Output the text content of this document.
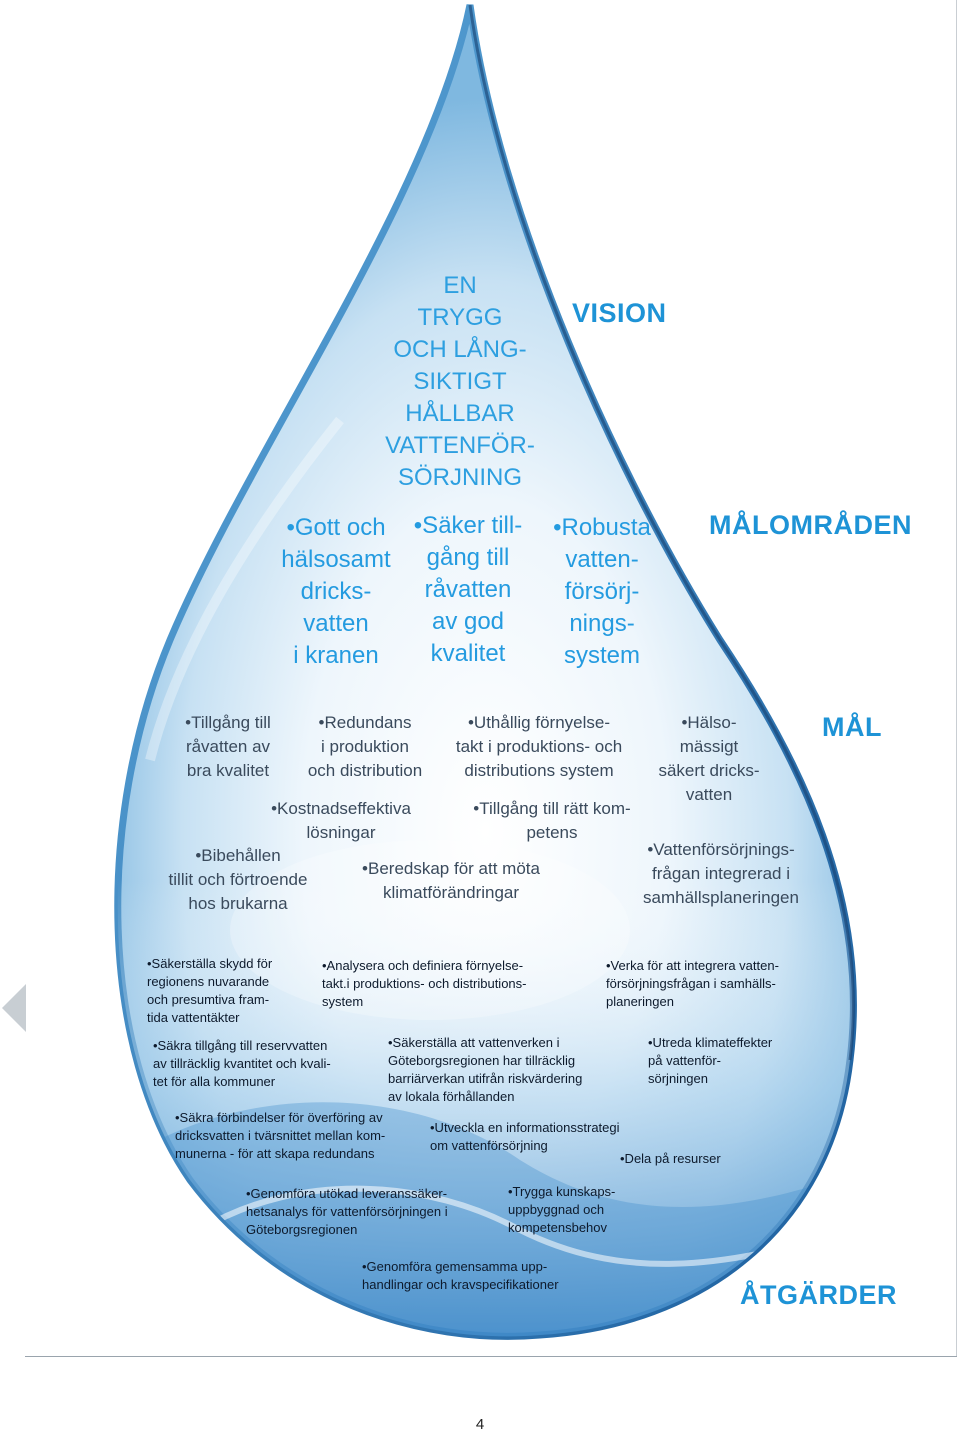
VISION

MÅLOMRÅDEN

MÅL

ÅTGÄRDER

EN
TRYGG
OCH LÅNG-
SIKTIGT
HÅLLBAR
VATTENFÖR-
SÖRJNING

•Gott och
hälsosamt
dricks-
vatten
i kranen

•Säker till-
gång till
råvatten
av god
kvalitet

•Robusta
vatten-
försörj-
nings-
system

•Tillgång till
råvatten av
bra kvalitet

•Redundans
i produktion
och distribution

•Uthållig förnyelse-
takt i produktions- och
distributions system

•Hälso-
mässigt
säkert dricks-
vatten

•Kostnadseffektiva
lösningar

•Tillgång till rätt kom-
petens

•Bibehållen
tillit och förtroende
hos brukarna

•Beredskap för att möta
klimatförändringar

•Vattenförsörjnings-
frågan integrerad i
samhällsplaneringen

•Säkerställa skydd för
regionens nuvarande
och presumtiva fram-
tida vattentäkter

•Analysera och definiera förnyelse-
takt.i produktions- och distributions-
system

•Verka för att integrera vatten-
försörjningsfrågan i samhälls-
planeringen

•Säkra tillgång till reservvatten
av tillräcklig kvantitet och kvali-
tet för alla kommuner

•Säkerställa att vattenverken i
Göteborgsregionen har tillräcklig
barriärverkan utifrån riskvärdering
av lokala förhållanden

•Utreda klimateffekter
på vattenför-
sörjningen

•Säkra förbindelser för överföring av
dricksvatten i tvärsnittet mellan kom-
munerna - för att skapa redundans

•Utveckla en informationsstrategi
om vattenförsörjning

•Dela på resurser

•Genomföra utökad leveranssäker-
hetsanalys för vattenförsörjningen i
Göteborgsregionen

•Trygga kunskaps-
uppbyggnad och
kompetensbehov

•Genomföra gemensamma upp-
handlingar och kravspecifikationer

4
